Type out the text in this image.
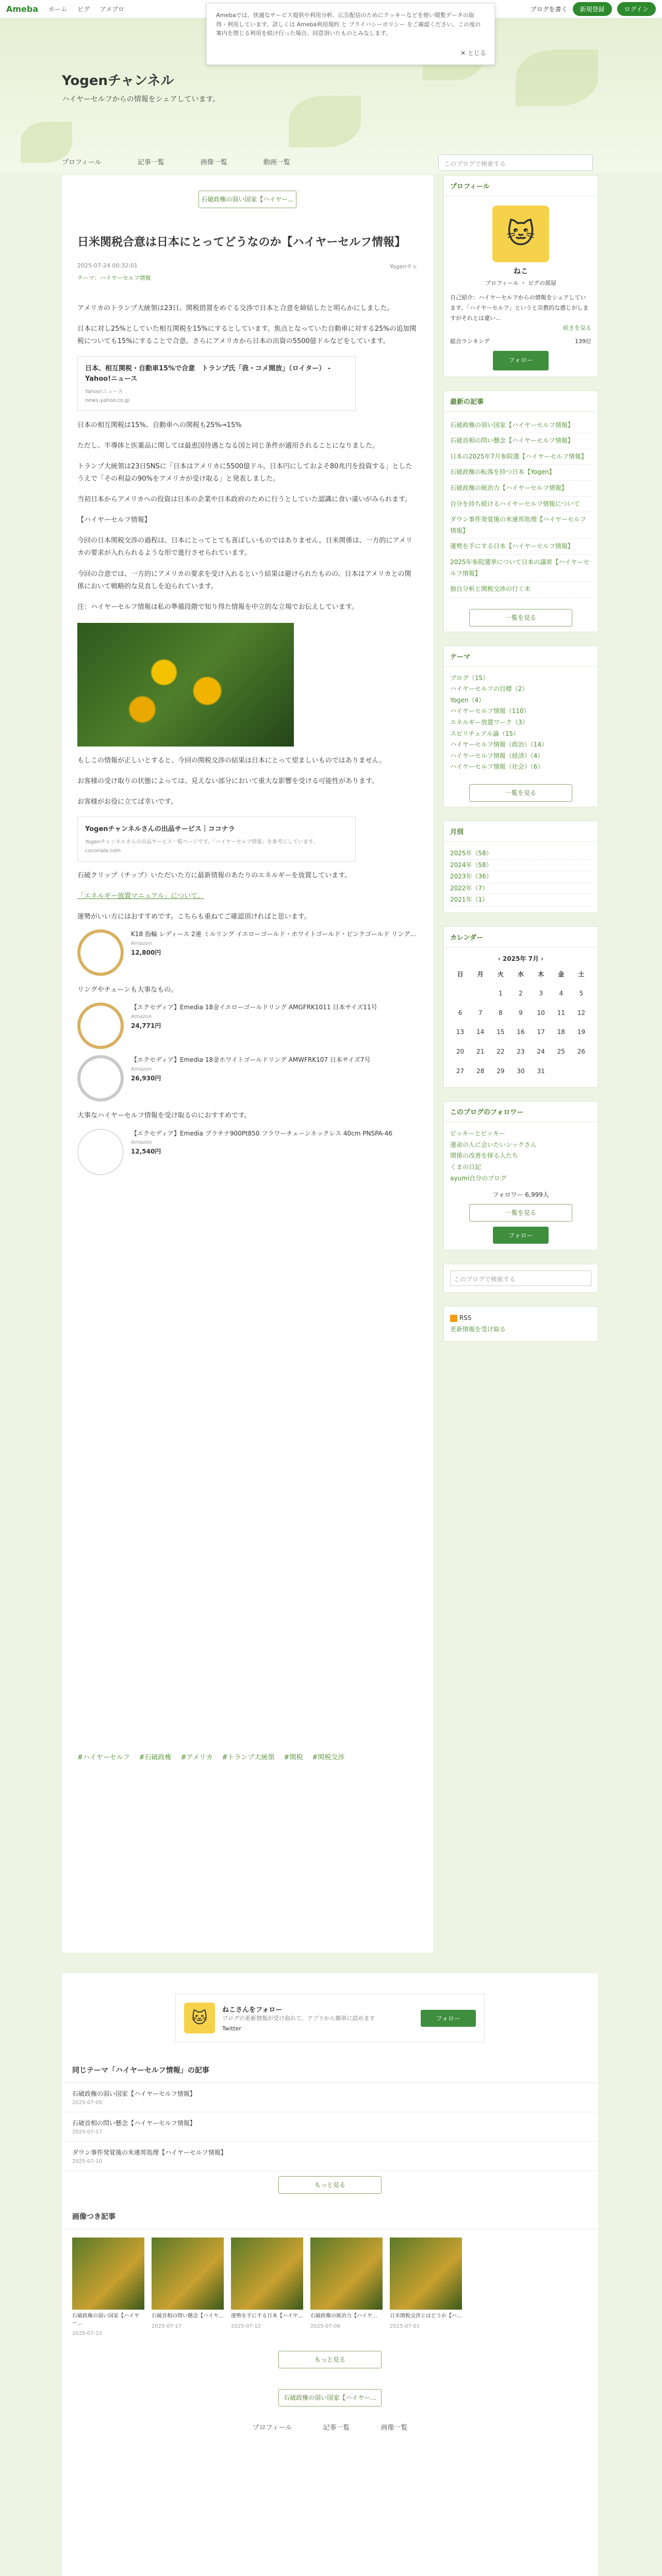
Ameba ホーム ピグ アメブロ	ブログを書く	新規登録	ログイン
Yogenチャンネル
ハイヤーセルフからの情報をシェアしています。
プロフィール	記事一覧	画像一覧	動画一覧	このブログで検索する
Amebaでは、快適なサービス提供や利用分析、広告配信のためにクッキーなどを使い閲覧データの取得・利用しています。詳しくは Ameba利用規約 と プライバシーポリシー をご確認ください。この度の案内を閉じる利用を続け行った場合、同意頂いたものとみなします。
✕ とじる
石破政権の弱い国家【ハイヤー...
日米関税合意は日本にとってどうなのか【ハイヤーセルフ情報】
2025-07-24 00:32:01	Yogenチャ
テーマ：ハイヤーセルフ情報

アメリカのトランプ大統領は23日、関税措置をめぐる交渉で日本と合意を締結したと明らかにしました。

日本に対し25%としていた相互関税を15%にするとしています。焦点となっていた自動車に対する25%の追加関税についても15%にすることで合意。さらにアメリカから日本の出資の5500億ドルなどをしています。

日本、相互関税・自動車15%で合意　トランプ氏「我・コメ開放」（ロイター） - Yahoo!ニュース
Yahoo!ニュース
news.yahoo.co.jp

日本の相互関税は15%、自動車への関税も25%→15%

ただし、半導体と医薬品に関しては最恵国待遇となる国と同じ条件が適用されることになりました。

トランプ大統領は23日SNSに「日本はアメリカに5500億ドル、日本円にしておよそ80兆円を投資する」としたうえで「その利益の90%をアメリカが受け取る」と発表しました。

当初日本からアメリカへの投資は日本の企業や日本政府のために行うとしていた認識に食い違いがみられます。

【ハイヤーセルフ情報】

今回の日本関税交渉の過程は、日本にとってとても喜ばしいものではありません。日米関係は、一方的にアメリカの要求が入れられるような形で進行させられています。

今回の合意では、一方的にアメリカの要求を受け入れるという結果は避けられたものの、日本はアメリカとの関係において戦略的な見直しを迫られています。

注：ハイヤーセルフ情報は私の準備段階で知り得た情報を中立的な立場でお伝えしています。

もしこの情報が正しいとすると、今回の関税交渉の結果は日本にとって望ましいものではありません。

お客様の受け取りの状態によっては、見えない部分において重大な影響を受ける可能性があります。

お客様がお役に立てば幸いです。

Yogenチャンネルさんの出品サービス｜ココナラ
Yogenチャンネルさんの出品サービス一覧ページです。「ハイヤーセルフ情報」を参考にしています。
coconala.com

石破クリップ（チップ）いただいた方に最新情報のあたりのエネルギーを放置しています。

「エネルギー放置マニュアル」について。

運勢がいい方にはおすすめです。こちらも重ねてご確認頂ければと思います。

K18 指輪 レディース 2連 ミルリング イエローゴールド・ホワイトゴールド・ピンクゴールド リング...
Amazon
12,800円

リングやチェーンも大事なもの。

【エクセディア】Emedia 18金イエローゴールドリング AMGFRK1011 日本サイズ11号
Amazon
24,771円
【エクセディア】Emedia 18金ホワイトゴールドリング AMWFRK107 日本サイズ7号
Amazon
26,930円

大事なハイヤーセルフ情報を受け取るのにおすすめです。

【エクセディア】Emedia プラチナ900Pt850 フラワーチェーンネックレス 40cm PNSPA-46
Amazon
12,540円
#ハイヤーセルフ #石破政権 #アメリカ #トランプ大統領 #関税 #関税交渉
プロフィール
🐱
ねこ
プロフィール ・ ピグの部屋
自己紹介：ハイヤーセルフからの情報をシェアしています。「ハイヤーセルフ」というと宗教的な感じがしますがそれとは違い...
続きを見る
総合ランキング	139位
フォロー
最新の記事
石破政権の弱い国家【ハイヤーセルフ情報】
石破首相の問い懸念【ハイヤーセルフ情報】
日本の2025年7月参院選【ハイヤーセルフ情報】
石破政権の転落を持つ日本【Yogen】
石破政権の統治力【ハイヤーセルフ情報】
自分を持ち続けるハイヤーセルフ情報について
ダウン事件発覚後の米連邦処理【ハイヤーセルフ情報】
運勢を手にする日本【ハイヤーセルフ情報】
2025年参院選挙について日本の議席【ハイヤーセルフ情報】
独自分析と関税交渉の行く末
一覧を見る
テーマ
ブログ（15）
ハイヤーセルフの目標（2）
Yogen（4）
ハイヤーセルフ情報（110）
エネルギー放置ワーク（3）
スピリチュアル論（15）
ハイヤーセルフ情報（政治）（14）
ハイヤーセルフ情報（経済）（4）
ハイヤーセルフ情報（社会）（6）
一覧を見る
月別
2025年（58）
2024年（58）
2023年（36）
2022年（7）
2021年（1）
カレンダー
‹ 2025年 7月 ›
日	月	火	水	木	金	土
		1	2	3	4	5
6	7	8	9	10	11	12
13	14	15	16	17	18	19
20	21	22	23	24	25	26
27	28	29	30	31		
このブログのフォロワー
ピッキーとビッキー
運命の人に会いたいシックさん
関係の改善を探る人たち
くまの日記
ayumi自分のブログ
フォロワー 6,999人
一覧を見る
フォロー
このブログで検索する
RSS
更新情報を受け取る
🐱	ねこさんをフォロー
ブログの更新情報が受け取れて、アプリから簡単に読めます
Twitter
フォロー
同じテーマ「ハイヤーセルフ情報」の記事
石破政権の弱い国家【ハイヤーセルフ情報】
2025-07-05
石破首相の問い懸念【ハイヤーセルフ情報】
2025-07-17
ダウン事件発覚後の米連邦処理【ハイヤーセルフ情報】
2025-07-10
もっと見る
画像つき記事
石破政権の弱い国家【ハイヤー...
2025-07-22
石破首相の問い懸念【ハイヤ...
2025-07-17
運勢を手にする日本【ハイヤ...
2025-07-12
石破政権の統治力【ハイヤ...
2025-07-06
日米関税交渉とはどうか【ハ...
2025-07-01
もっと見る
石破政権の弱い国家【ハイヤー...
プロフィール	記事一覧	画像一覧
